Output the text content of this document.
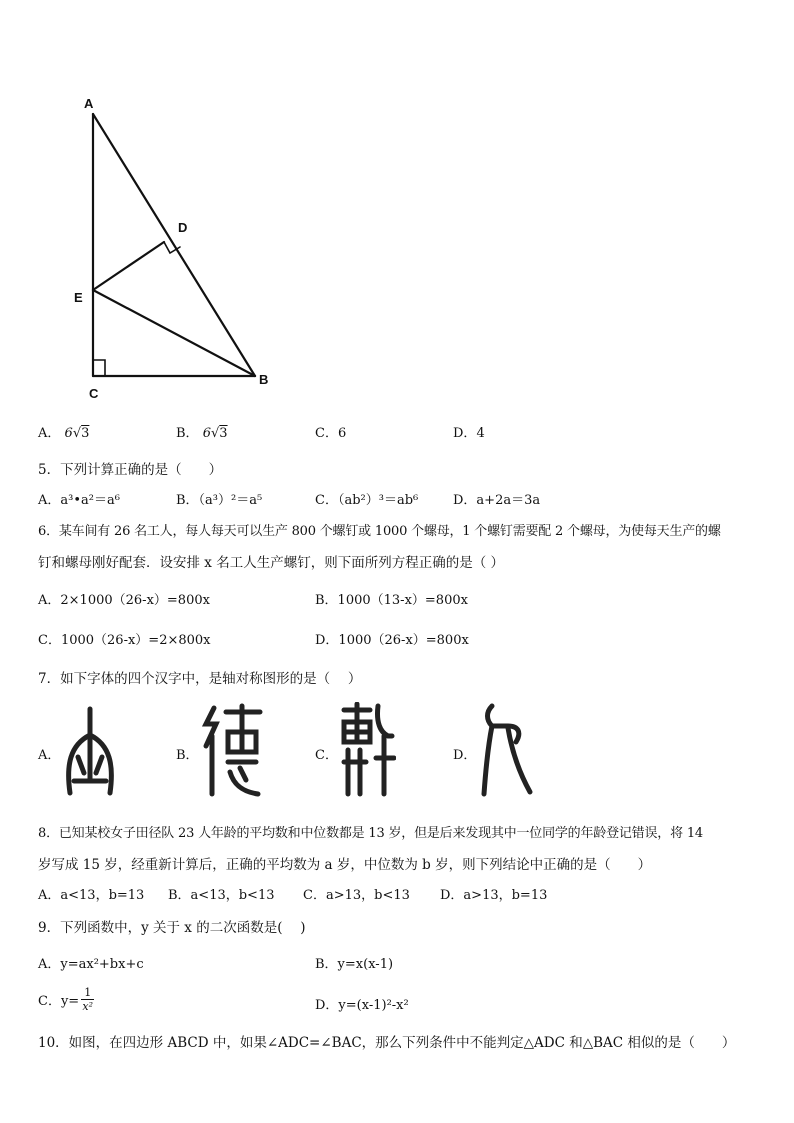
A
D
E
C
B
A． 6√3	B． 6√3	C．6	D．4
5．下列计算正确的是（　　）
A．a³•a²＝a⁶	B．（a³）²＝a⁵	C．（ab²）³＝ab⁶	D．a+2a＝3a
6．某车间有 26 名工人，每人每天可以生产 800 个螺钉或 1000 个螺母，1 个螺钉需要配 2 个螺母，为使每天生产的螺
钉和螺母刚好配套．设安排 x 名工人生产螺钉，则下面所列方程正确的是（ ）
A．2×1000（26-x）=800x	B．1000（13-x）=800x
C．1000（26-x）=2×800x	D．1000（26-x）=800x
7．如下字体的四个汉字中，是轴对称图形的是（　 ）
A．	B．	C．	D．
8．已知某校女子田径队 23 人年龄的平均数和中位数都是 13 岁，但是后来发现其中一位同学的年龄登记错误，将 14
岁写成 15 岁，经重新计算后，正确的平均数为 a 岁，中位数为 b 岁，则下列结论中正确的是（　　）
A．a<13，b=13 B．a<13，b<13 C．a>13，b<13 D．a>13，b=13
9．下列函数中，y 关于 x 的二次函数是(　 )
A．y=ax²+bx+c	B．y=x(x-1)
C．$y= \frac{1}{\text{x²}}$	D．y=(x-1)²-x²
10．如图，在四边形 ABCD 中，如果∠ADC=∠BAC，那么下列条件中不能判定△ADC 和△BAC 相似的是（　　）
